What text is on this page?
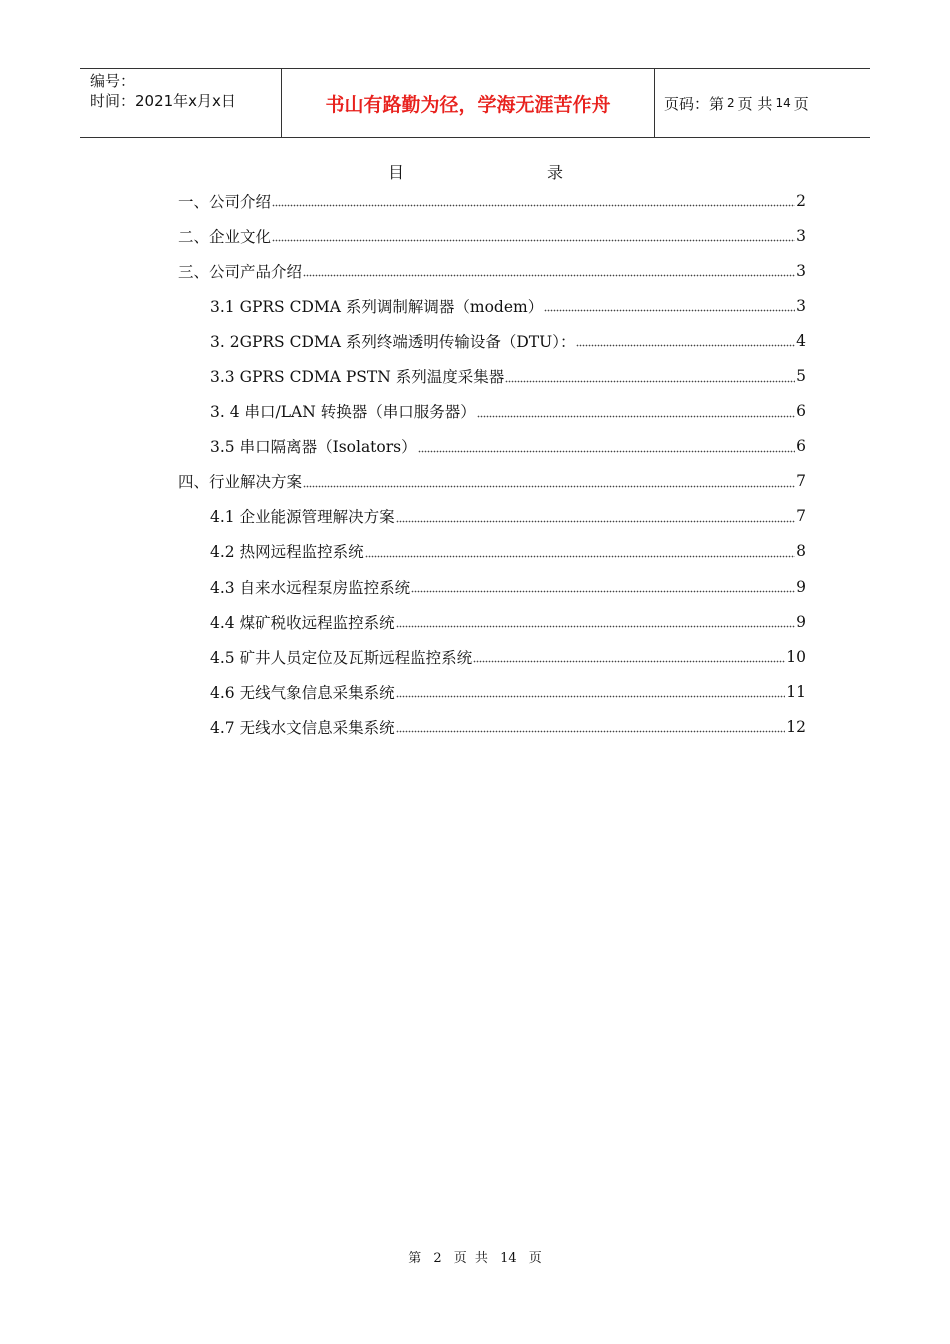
编号：
时间：2021年x月x日	书山有路勤为径，学海无涯苦作舟	页码：第 2 页 共 14 页
目	录
一、公司介绍	2
二、企业文化	3
三、公司产品介绍	3
3.1 GPRS CDMA 系列调制解调器（modem）	3
3. 2GPRS CDMA 系列终端透明传输设备（DTU）：	4
3.3 GPRS CDMA PSTN 系列温度采集器	5
3. 4 串口/LAN 转换器（串口服务器）	6
3.5 串口隔离器（Isolators）	6
四、行业解决方案	7
4.1 企业能源管理解决方案	7
4.2 热网远程监控系统	8
4.3 自来水远程泵房监控系统	9
4.4 煤矿税收远程监控系统	9
4.5 矿井人员定位及瓦斯远程监控系统	10
4.6 无线气象信息采集系统	11
4.7 无线水文信息采集系统	12
第 2 页 共 14 页
